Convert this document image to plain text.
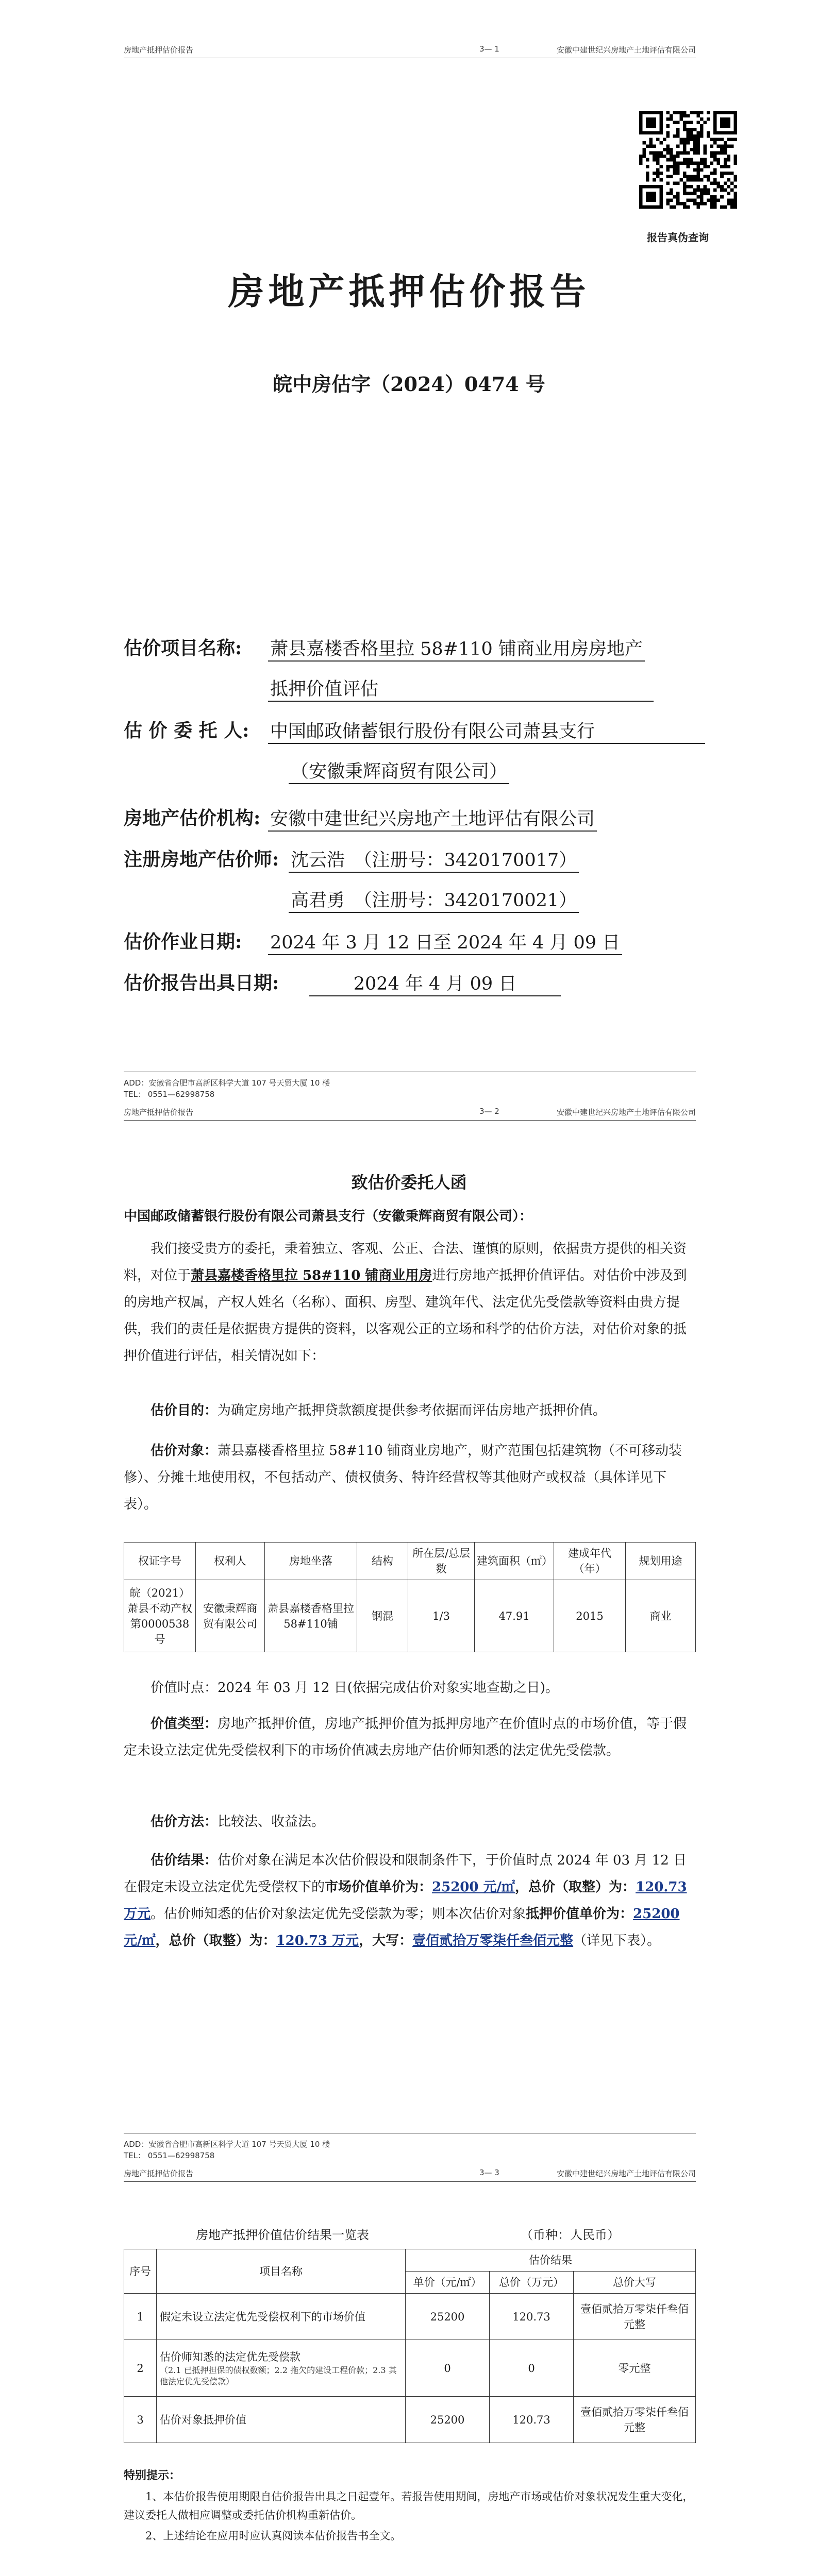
房地产抵押估价报告	3— 1	安徽中建世纪兴房地产土地评估有限公司
报告真伪查询
房地产抵押估价报告
皖中房估字（2024）0474 号
估价项目名称: 萧县嘉楼香格里拉 58#110 铺商业用房房地产
抵押价值评估
估 价 委 托 人: 中国邮政储蓄银行股份有限公司萧县支行
（安徽秉辉商贸有限公司）
房地产估价机构: 安徽中建世纪兴房地产土地评估有限公司
注册房地产估价师: 沈云浩　（注册号：3420170017）
高君勇　（注册号：3420170021）
估价作业日期: 2024 年 3 月 12 日至 2024 年 4 月 09 日
估价报告出具日期:	2024 年 4 月 09 日
ADD：安徽省合肥市高新区科学大道 107 号天贸大厦 10 楼
TEL： 0551—62998758
房地产抵押估价报告	3— 2	安徽中建世纪兴房地产土地评估有限公司
致估价委托人函
中国邮政储蓄银行股份有限公司萧县支行（安徽秉辉商贸有限公司）：
我们接受贵方的委托，秉着独立、客观、公正、合法、谨慎的原则，依据贵方提供的相关资料，对位于萧县嘉楼香格里拉 58#110 铺商业用房进行房地产抵押价值评估。对估价中涉及到的房地产权属，产权人姓名（名称）、面积、房型、建筑年代、法定优先受偿款等资料由贵方提供，我们的责任是依据贵方提供的资料，以客观公正的立场和科学的估价方法，对估价对象的抵押价值进行评估，相关情况如下：
估价目的：为确定房地产抵押贷款额度提供参考依据而评估房地产抵押价值。
估价对象：萧县嘉楼香格里拉 58#110 铺商业房地产，财产范围包括建筑物（不可移动装修）、分摊土地使用权，不包括动产、债权债务、特许经营权等其他财产或权益（具体详见下表）。
权证字号	权利人	房地坐落	结构	所在层/总层数	建筑面积（㎡）	建成年代（年）	规划用途
皖（2021）萧县不动产权第0000538号	安徽秉辉商贸有限公司	萧县嘉楼香格里拉58#110铺	钢混	1/3	47.91	2015	商业
价值时点：2024 年 03 月 12 日(依据完成估价对象实地查勘之日)。
价值类型：房地产抵押价值，房地产抵押价值为抵押房地产在价值时点的市场价值，等于假定未设立法定优先受偿权利下的市场价值减去房地产估价师知悉的法定优先受偿款。
估价方法：比较法、收益法。
估价结果：估价对象在满足本次估价假设和限制条件下，于价值时点 2024 年 03 月 12 日在假定未设立法定优先受偿权下的市场价值单价为：25200 元/㎡，总价（取整）为：120.73 万元。估价师知悉的估价对象法定优先受偿款为零；则本次估价对象抵押价值单价为：25200 元/㎡，总价（取整）为：120.73 万元，大写：壹佰贰拾万零柒仟叁佰元整（详见下表）。
ADD：安徽省合肥市高新区科学大道 107 号天贸大厦 10 楼
TEL： 0551—62998758
房地产抵押估价报告	3— 3	安徽中建世纪兴房地产土地评估有限公司
房地产抵押价值估价结果一览表	（币种：人民币）
序号	项目名称	估价结果		
		单价（元/㎡）	总价（万元）	总价大写
1	假定未设立法定优先受偿权利下的市场价值	25200	120.73	壹佰贰拾万零柒仟叁佰元整
2	估价师知悉的法定优先受偿款
（2.1 已抵押担保的债权数额；2.2 拖欠的建设工程价款；2.3 其他法定优先受偿款）	0	0	零元整
3	估价对象抵押价值	25200	120.73	壹佰贰拾万零柒仟叁佰元整
特别提示：
1、本估价报告使用期限自估价报告出具之日起壹年。若报告使用期间，房地产市场或估价对象状况发生重大变化，建议委托人做相应调整或委托估价机构重新估价。
2、上述结论在应用时应认真阅读本估价报告书全文。
